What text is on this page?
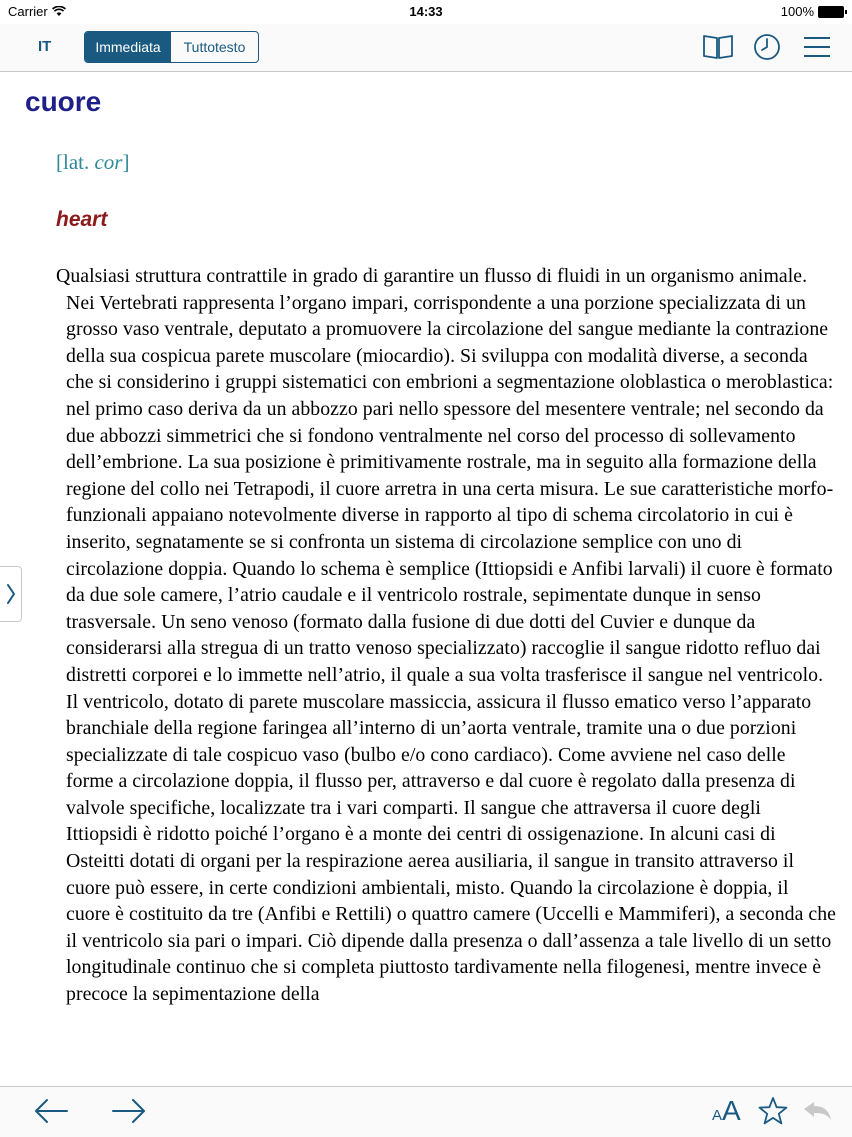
Carrier	14:33	100%
IT	Immediata	Tuttotesto
cuore
[lat. cor]
heart

Qualsiasi struttura contrattile in grado di garantire un flusso di fluidi in un organismo animale. Nei Vertebrati rappresenta l’organo impari, corrispondente a una porzione specializzata di un grosso vaso ventrale, deputato a promuovere la circolazione del sangue mediante la contrazione della sua cospicua parete muscolare (miocardio). Si sviluppa con modalità diverse, a seconda che si considerino i gruppi sistematici con embrioni a segmentazione oloblastica o meroblastica: nel primo caso deriva da un abbozzo pari nello spessore del mesentere ventrale; nel secondo da due abbozzi simmetrici che si fondono ventralmente nel corso del processo di sollevamento dell’embrione. La sua posizione è primitivamente rostrale, ma in seguito alla formazione della regione del collo nei Tetrapodi, il cuore arretra in una certa misura. Le sue caratteristiche morfo-funzionali appaiano notevolmente diverse in rapporto al tipo di schema circolatorio in cui è inserito, segnatamente se si confronta un sistema di circolazione semplice con uno di circolazione doppia. Quando lo schema è semplice (Ittiopsidi e Anfibi larvali) il cuore è formato da due sole camere, l’atrio caudale e il ventricolo rostrale, sepimentate dunque in senso trasversale. Un seno venoso (formato dalla fusione di due dotti del Cuvier e dunque da considerarsi alla stregua di un tratto venoso specializzato) raccoglie il sangue ridotto refluo dai distretti corporei e lo immette nell’atrio, il quale a sua volta trasferisce il sangue nel ventricolo. Il ventricolo, dotato di parete muscolare massiccia, assicura il flusso ematico verso l’apparato branchiale della regione faringea all’interno di un’aorta ventrale, tramite una o due porzioni specializzate di tale cospicuo vaso (bulbo e/o cono cardiaco). Come avviene nel caso delle forme a circolazione doppia, il flusso per, attraverso e dal cuore è regolato dalla presenza di valvole specifiche, localizzate tra i vari comparti. Il sangue che attraversa il cuore degli Ittiopsidi è ridotto poiché l’organo è a monte dei centri di ossigenazione. In alcuni casi di Osteitti dotati di organi per la respirazione aerea ausiliaria, il sangue in transito attraverso il cuore può essere, in certe condizioni ambientali, misto. Quando la circolazione è doppia, il cuore è costituito da tre (Anfibi e Rettili) o quattro camere (Uccelli e Mammiferi), a seconda che il ventricolo sia pari o impari. Ciò dipende dalla presenza o dall’assenza a tale livello di un setto longitudinale continuo che si completa piuttosto tardivamente nella filogenesi, mentre invece è precoce la sepimentazione della

AA
